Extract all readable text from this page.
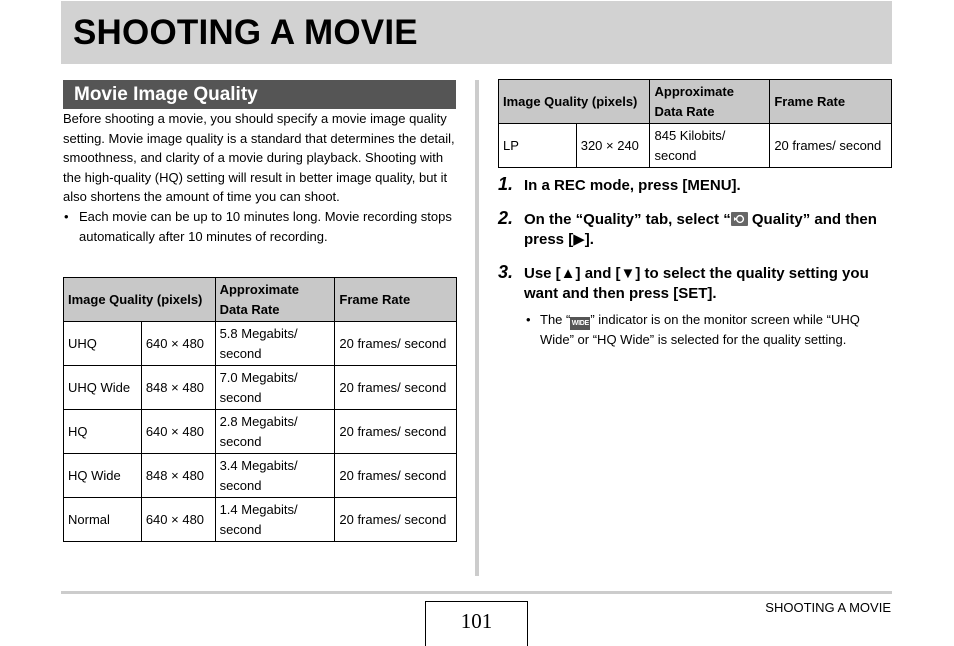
SHOOTING A MOVIE
Movie Image Quality

Before shooting a movie, you should specify a movie image quality setting. Movie image quality is a standard that determines the detail, smoothness, and clarity of a movie during playback. Shooting with the high-quality (HQ) setting will result in better image quality, but it also shortens the amount of time you can shoot.

• Each movie can be up to 10 minutes long. Movie recording stops automatically after 10 minutes of recording.

Image Quality (pixels)		Approximate Data Rate	Frame Rate
UHQ	640 × 480	5.8 Megabits/ second	20 frames/ second
UHQ Wide	848 × 480	7.0 Megabits/ second	20 frames/ second
HQ	640 × 480	2.8 Megabits/ second	20 frames/ second
HQ Wide	848 × 480	3.4 Megabits/ second	20 frames/ second
Normal	640 × 480	1.4 Megabits/ second	20 frames/ second
Image Quality (pixels)		Approximate Data Rate	Frame Rate
LP	320 × 240	845 Kilobits/ second	20 frames/ second
1. In a REC mode, press [MENU].
2. On the “Quality” tab, select “ Quality” and then press [▶].
3. Use [▲] and [▼] to select the quality setting you want and then press [SET].
• The “WIDE” indicator is on the monitor screen while “UHQ Wide” or “HQ Wide” is selected for the quality setting.
101
SHOOTING A MOVIE
